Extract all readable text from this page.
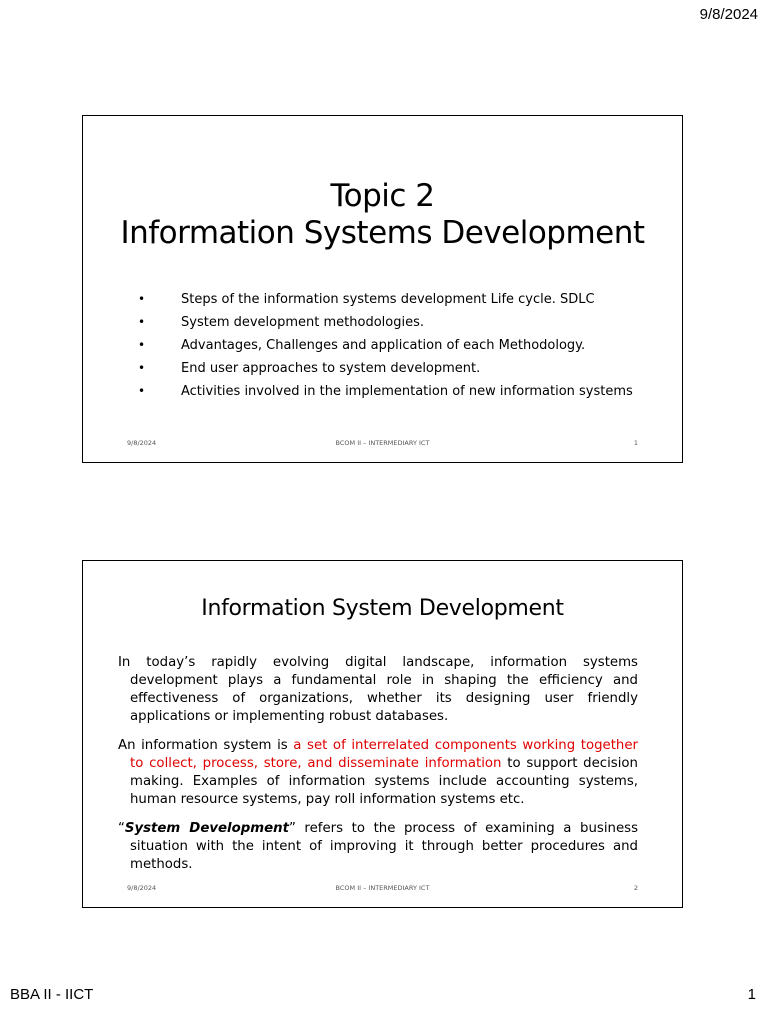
9/8/2024
Topic 2
Information Systems Development
•	Steps of the information systems development Life cycle. SDLC
•	System development methodologies.
•	Advantages, Challenges and application of each Methodology.
•	End user approaches to system development.
•	Activities involved in the implementation of new information systems
9/8/2024	BCOM II – INTERMEDIARY ICT	1
Information System Development

In today’s rapidly evolving digital landscape, information systems development plays a fundamental role in shaping the efficiency and effectiveness of organizations, whether its designing user friendly applications or implementing robust databases.

An information system is a set of interrelated components working together to collect, process, store, and disseminate information to support decision making. Examples of information systems include accounting systems, human resource systems, pay roll information systems etc.

“System Development” refers to the process of examining a business situation with the intent of improving it through better procedures and methods.

9/8/2024	BCOM II – INTERMEDIARY ICT	2
BBA II - IICT	1
